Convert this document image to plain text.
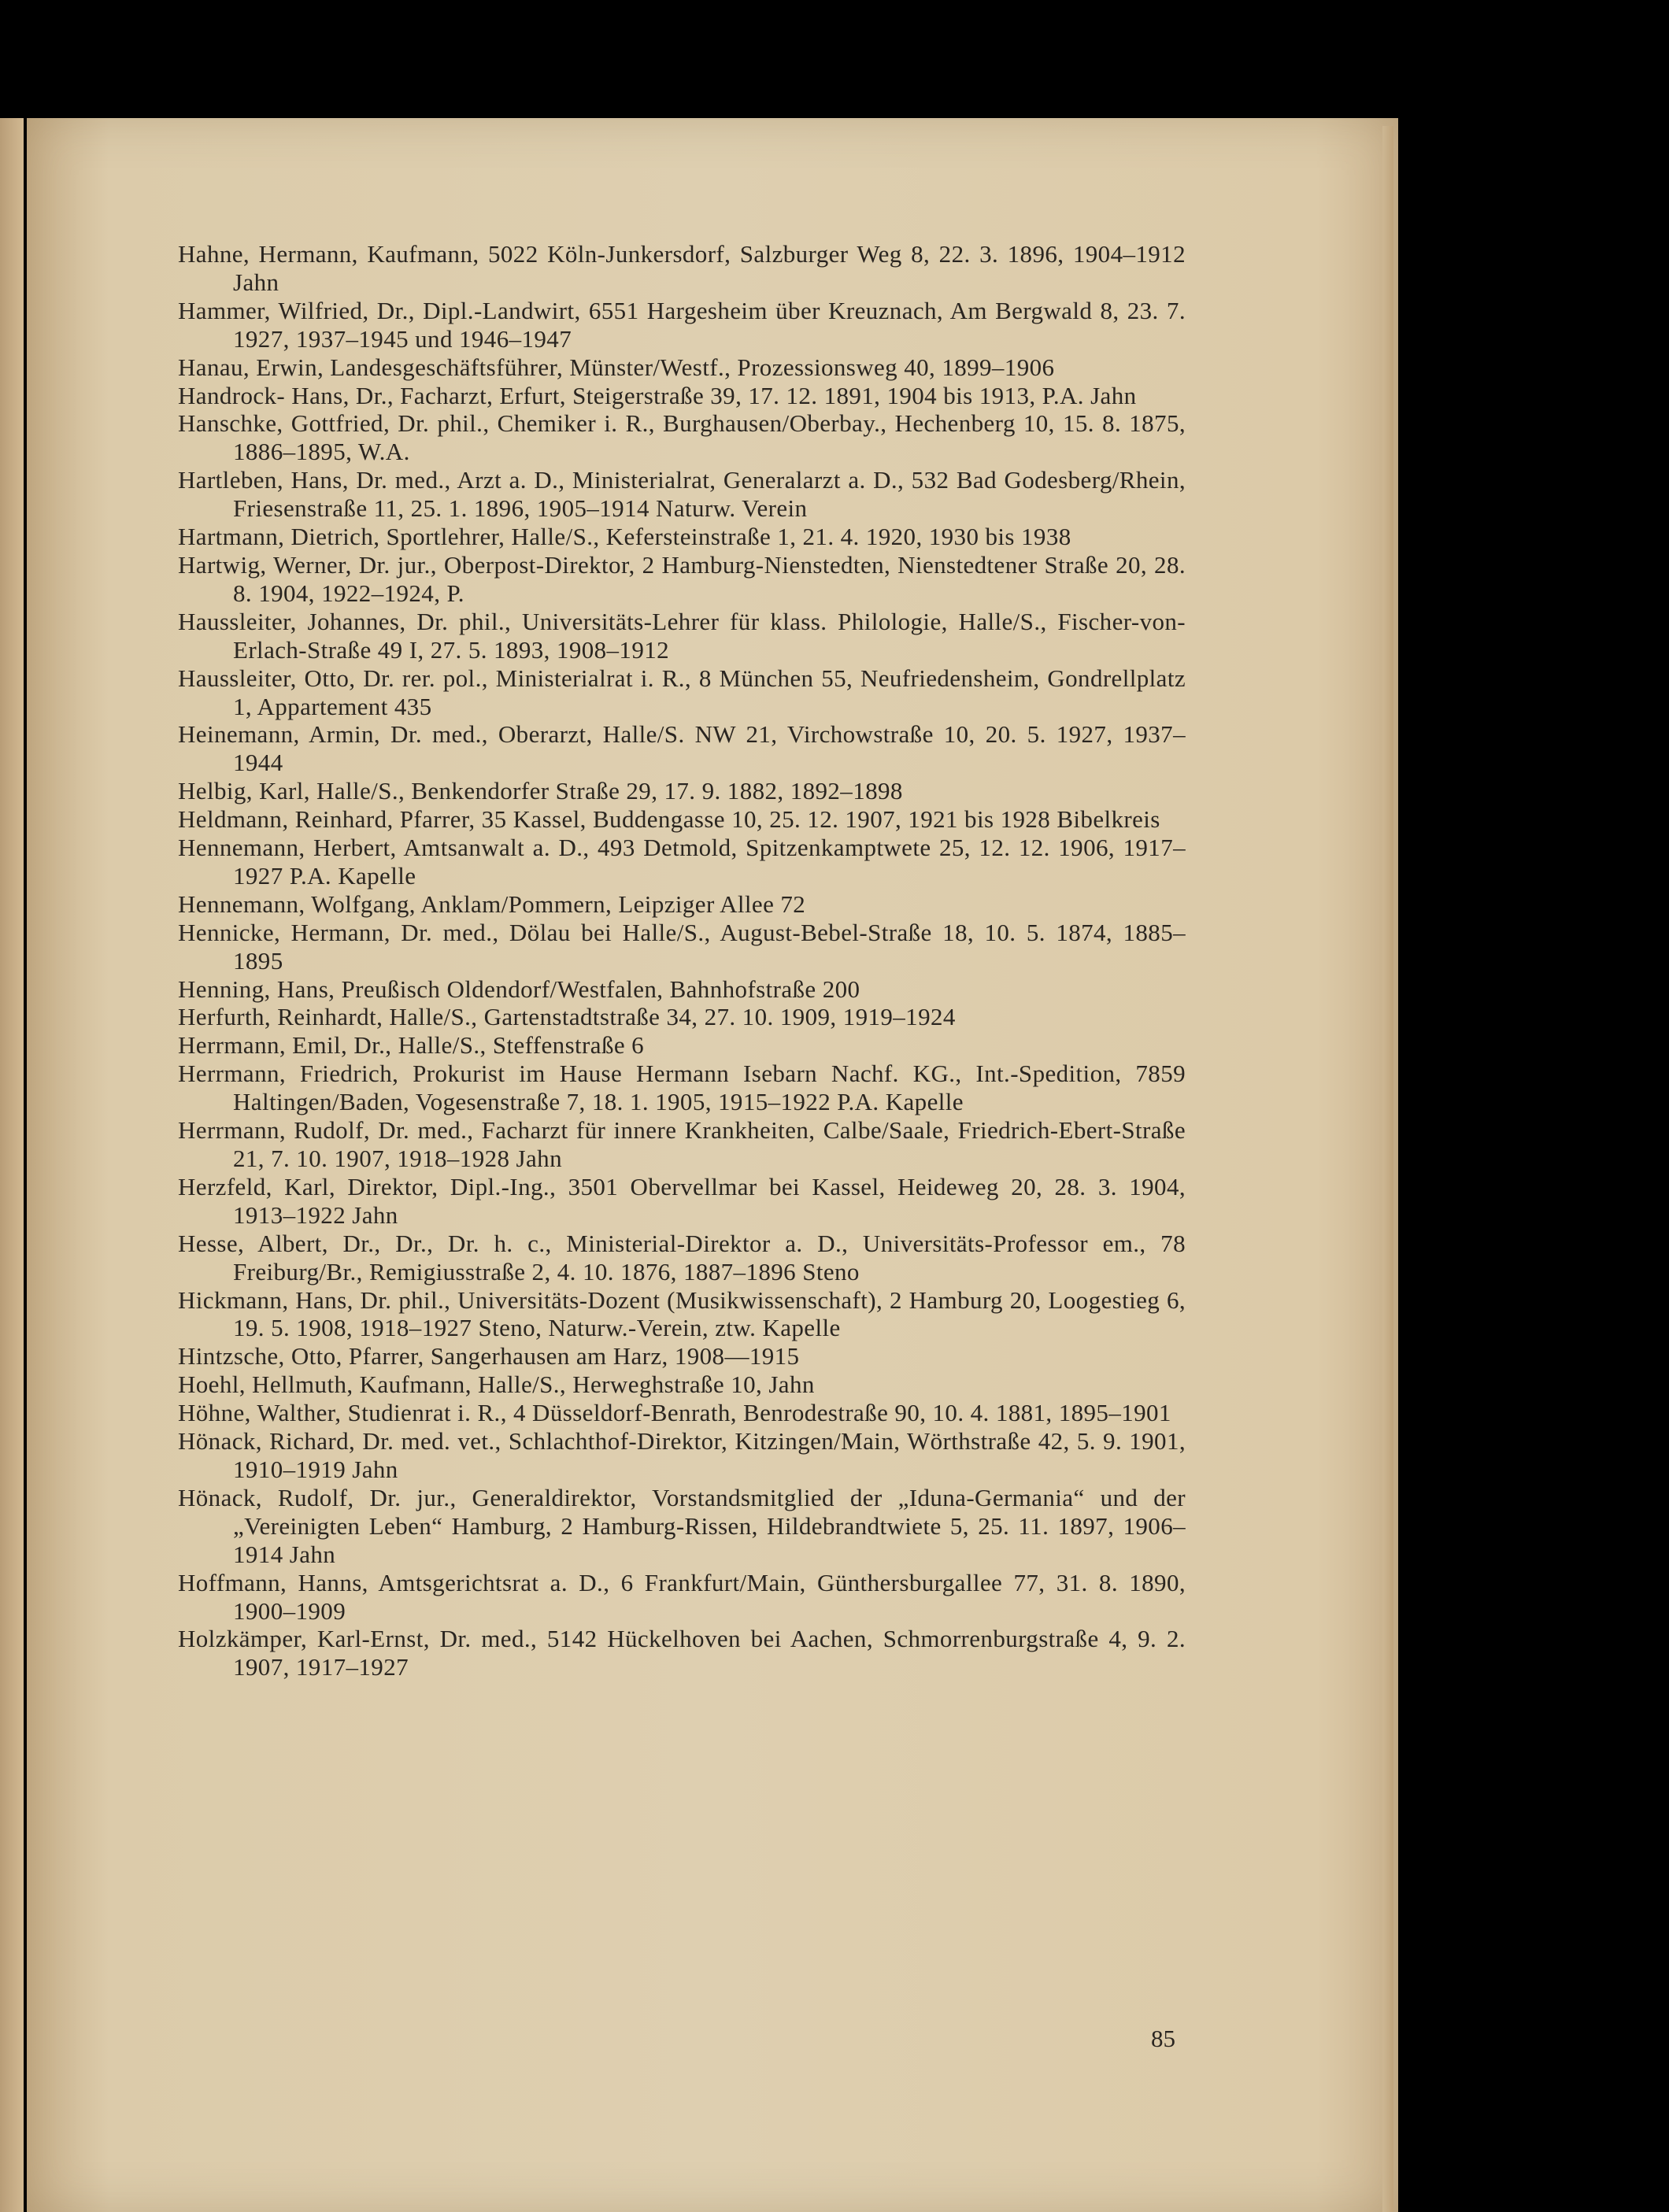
Hahne, Hermann, Kaufmann, 5022 Köln-Junkersdorf, Salzburger Weg 8, 22. 3. 1896, 1904–1912 Jahn

Hammer, Wilfried, Dr., Dipl.-Landwirt, 6551 Hargesheim über Kreuznach, Am Bergwald 8, 23. 7. 1927, 1937–1945 und 1946–1947

Hanau, Erwin, Landesgeschäftsführer, Münster/Westf., Prozessionsweg 40, 1899–1906

Handrock- Hans, Dr., Facharzt, Erfurt, Steigerstraße 39, 17. 12. 1891, 1904 bis 1913, P.A. Jahn

Hanschke, Gottfried, Dr. phil., Chemiker i. R., Burghausen/Oberbay., Hechenberg 10, 15. 8. 1875, 1886–1895, W.A.

Hartleben, Hans, Dr. med., Arzt a. D., Ministerialrat, Generalarzt a. D., 532 Bad Godesberg/Rhein, Friesenstraße 11, 25. 1. 1896, 1905–1914 Naturw. Verein

Hartmann, Dietrich, Sportlehrer, Halle/S., Kefersteinstraße 1, 21. 4. 1920, 1930 bis 1938

Hartwig, Werner, Dr. jur., Oberpost-Direktor, 2 Hamburg-Nienstedten, Nienstedtener Straße 20, 28. 8. 1904, 1922–1924, P.

Haussleiter, Johannes, Dr. phil., Universitäts-Lehrer für klass. Philologie, Halle/S., Fischer-von-Erlach-Straße 49 I, 27. 5. 1893, 1908–1912

Haussleiter, Otto, Dr. rer. pol., Ministerialrat i. R., 8 München 55, Neufriedensheim, Gondrellplatz 1, Appartement 435

Heinemann, Armin, Dr. med., Oberarzt, Halle/S. NW 21, Virchowstraße 10, 20. 5. 1927, 1937–1944

Helbig, Karl, Halle/S., Benkendorfer Straße 29, 17. 9. 1882, 1892–1898

Heldmann, Reinhard, Pfarrer, 35 Kassel, Buddengasse 10, 25. 12. 1907, 1921 bis 1928 Bibelkreis

Hennemann, Herbert, Amtsanwalt a. D., 493 Detmold, Spitzenkamptwete 25, 12. 12. 1906, 1917–1927 P.A. Kapelle

Hennemann, Wolfgang, Anklam/Pommern, Leipziger Allee 72

Hennicke, Hermann, Dr. med., Dölau bei Halle/S., August-Bebel-Straße 18, 10. 5. 1874, 1885–1895

Henning, Hans, Preußisch Oldendorf/Westfalen, Bahnhofstraße 200

Herfurth, Reinhardt, Halle/S., Gartenstadtstraße 34, 27. 10. 1909, 1919–1924

Herrmann, Emil, Dr., Halle/S., Steffenstraße 6

Herrmann, Friedrich, Prokurist im Hause Hermann Isebarn Nachf. KG., Int.-Spedition, 7859 Haltingen/Baden, Vogesenstraße 7, 18. 1. 1905, 1915–1922 P.A. Kapelle

Herrmann, Rudolf, Dr. med., Facharzt für innere Krankheiten, Calbe/Saale, Friedrich-Ebert-Straße 21, 7. 10. 1907, 1918–1928 Jahn

Herzfeld, Karl, Direktor, Dipl.-Ing., 3501 Obervellmar bei Kassel, Heideweg 20, 28. 3. 1904, 1913–1922 Jahn

Hesse, Albert, Dr., Dr., Dr. h. c., Ministerial-Direktor a. D., Universitäts-Professor em., 78 Freiburg/Br., Remigiusstraße 2, 4. 10. 1876, 1887–1896 Steno

Hickmann, Hans, Dr. phil., Universitäts-Dozent (Musikwissenschaft), 2 Hamburg 20, Loogestieg 6, 19. 5. 1908, 1918–1927 Steno, Naturw.-Verein, ztw. Kapelle

Hintzsche, Otto, Pfarrer, Sangerhausen am Harz, 1908—1915

Hoehl, Hellmuth, Kaufmann, Halle/S., Herweghstraße 10, Jahn

Höhne, Walther, Studienrat i. R., 4 Düsseldorf-Benrath, Benrodestraße 90, 10. 4. 1881, 1895–1901

Hönack, Richard, Dr. med. vet., Schlachthof-Direktor, Kitzingen/Main, Wörthstraße 42, 5. 9. 1901, 1910–1919 Jahn

Hönack, Rudolf, Dr. jur., Generaldirektor, Vorstandsmitglied der „Iduna-Germania“ und der „Vereinigten Leben“ Hamburg, 2 Hamburg-Rissen, Hildebrandtwiete 5, 25. 11. 1897, 1906–1914 Jahn

Hoffmann, Hanns, Amtsgerichtsrat a. D., 6 Frankfurt/Main, Günthersburgallee 77, 31. 8. 1890, 1900–1909

Holzkämper, Karl-Ernst, Dr. med., 5142 Hückelhoven bei Aachen, Schmorrenburgstraße 4, 9. 2. 1907, 1917–1927

85
